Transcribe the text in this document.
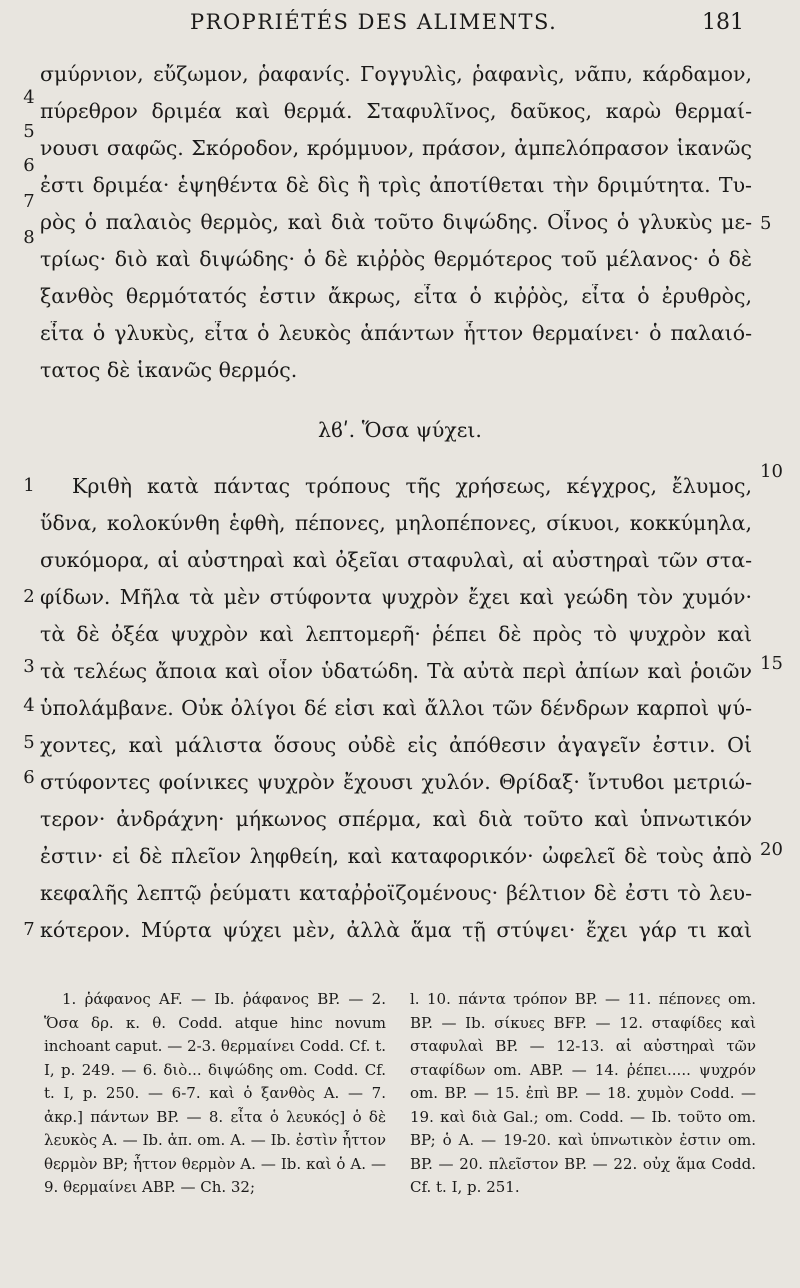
PROPRIÉTÉS DES ALIMENTS.	181
σμύρνιον, εὔζωμον, ῥαφανίς. Γογγυλὶς, ῥαφανὶς, νᾶπυ, κάρδαμον,
πύρεθρον δριμέα καὶ θερμά. Σταφυλῖνος, δαῦκος, καρὼ θερμαί-
νουσι σαφῶς. Σκόροδον, κρόμμυον, πράσον, ἀμπελόπρασον ἱκανῶς
ἐστι δριμέα· ἑψηθέντα δὲ δὶς ἢ τρὶς ἀποτίθεται τὴν δριμύτητα. Τυ-
ρὸς ὁ παλαιὸς θερμὸς, καὶ διὰ τοῦτο διψώδης. Οἶνος ὁ γλυκὺς με-
τρίως· διὸ καὶ διψώδης· ὁ δὲ κιῤῥὸς θερμότερος τοῦ μέλανος· ὁ δὲ
ξανθὸς θερμότατός ἐστιν ἄκρως, εἶτα ὁ κιῤῥὸς, εἶτα ὁ ἐρυθρὸς,
εἶτα ὁ γλυκὺς, εἶτα ὁ λευκὸς ἁπάντων ἧττον θερμαίνει· ὁ παλαιό-
τατος δὲ ἱκανῶς θερμός.
λϐʹ. Ὅσα ψύχει.
Κριθὴ κατὰ πάντας τρόπους τῆς χρήσεως, κέγχρος, ἔλυμος,
ὕδνα, κολοκύνθη ἑφθὴ, πέπονες, μηλοπέπονες, σίκυοι, κοκκύμηλα,
συκόμορα, αἱ αὐστηραὶ καὶ ὀξεῖαι σταφυλαὶ, αἱ αὐστηραὶ τῶν στα-
φίδων. Μῆλα τὰ μὲν στύφοντα ψυχρὸν ἔχει καὶ γεώδη τὸν χυμόν·
τὰ δὲ ὀξέα ψυχρὸν καὶ λεπτομερῆ· ῥέπει δὲ πρὸς τὸ ψυχρὸν καὶ
τὰ τελέως ἄποια καὶ οἷον ὑδατώδη. Τὰ αὐτὰ περὶ ἀπίων καὶ ῥοιῶν
ὑπολάμβανε. Οὐκ ὀλίγοι δέ εἰσι καὶ ἄλλοι τῶν δένδρων καρποὶ ψύ-
χοντες, καὶ μάλιστα ὅσους οὐδὲ εἰς ἀπόθεσιν ἀγαγεῖν ἐστιν. Οἱ
στύφοντες φοίνικες ψυχρὸν ἔχουσι χυλόν. Θρίδαξ· ἴντυϐοι μετριώ-
τερον· ἀνδράχνη· μήκωνος σπέρμα, καὶ διὰ τοῦτο καὶ ὑπνωτικόν
ἐστιν· εἰ δὲ πλεῖον ληφθείη, καὶ καταφορικόν· ὠφελεῖ δὲ τοὺς ἀπὸ
κεφαλῆς λεπτῷ ῥεύματι καταῤῥοϊζομένους· βέλτιον δὲ ἐστι τὸ λευ-
κότερον. Μύρτα ψύχει μὲν, ἀλλὰ ἅμα τῇ στύψει· ἔχει γάρ τι καὶ
4
5
6
7
8
1
2
3
4
5
6
7
5
10
15
20
1. ῥάφανος AF. — Ib. ῥάφανος BP. — 2. Ὅσα δρ. κ. θ. Codd. atque hinc novum inchoant caput. — 2-3. θερμαίνει Codd. Cf. t. I, p. 249. — 6. διὸ... διψώδης om. Codd. Cf. t. I, p. 250. — 6-7. καὶ ὁ ξανθὸς A. — 7. ἀκρ.] πάντων BP. — 8. εἶτα ὁ λευκός] ὁ δὲ λευκὸς A. — Ib. ἁπ. om. A. — Ib. ἐστὶν ἧττον θερμὸν BP; ἧττον θερμὸν A. — Ib. καὶ ὁ A. — 9. θερμαίνει ABP. — Ch. 32;
l. 10. πάντα τρόπον BP. — 11. πέπονες om. BP. — Ib. σίκυες BFP. — 12. σταφίδες καὶ σταφυλαὶ BP. — 12-13. αἱ αὐστηραὶ τῶν σταφίδων om. ABP. — 14. ῥέπει..... ψυχρόν om. BP. — 15. ἐπὶ BP. — 18. χυμὸν Codd. — 19. καὶ διὰ Gal.; om. Codd. — Ib. τοῦτο om. BP; ὁ A. — 19-20. καὶ ὑπνωτικὸν ἐστιν om. BP. — 20. πλεῖστον BP. — 22. οὐχ ἅμα Codd. Cf. t. I, p. 251.
